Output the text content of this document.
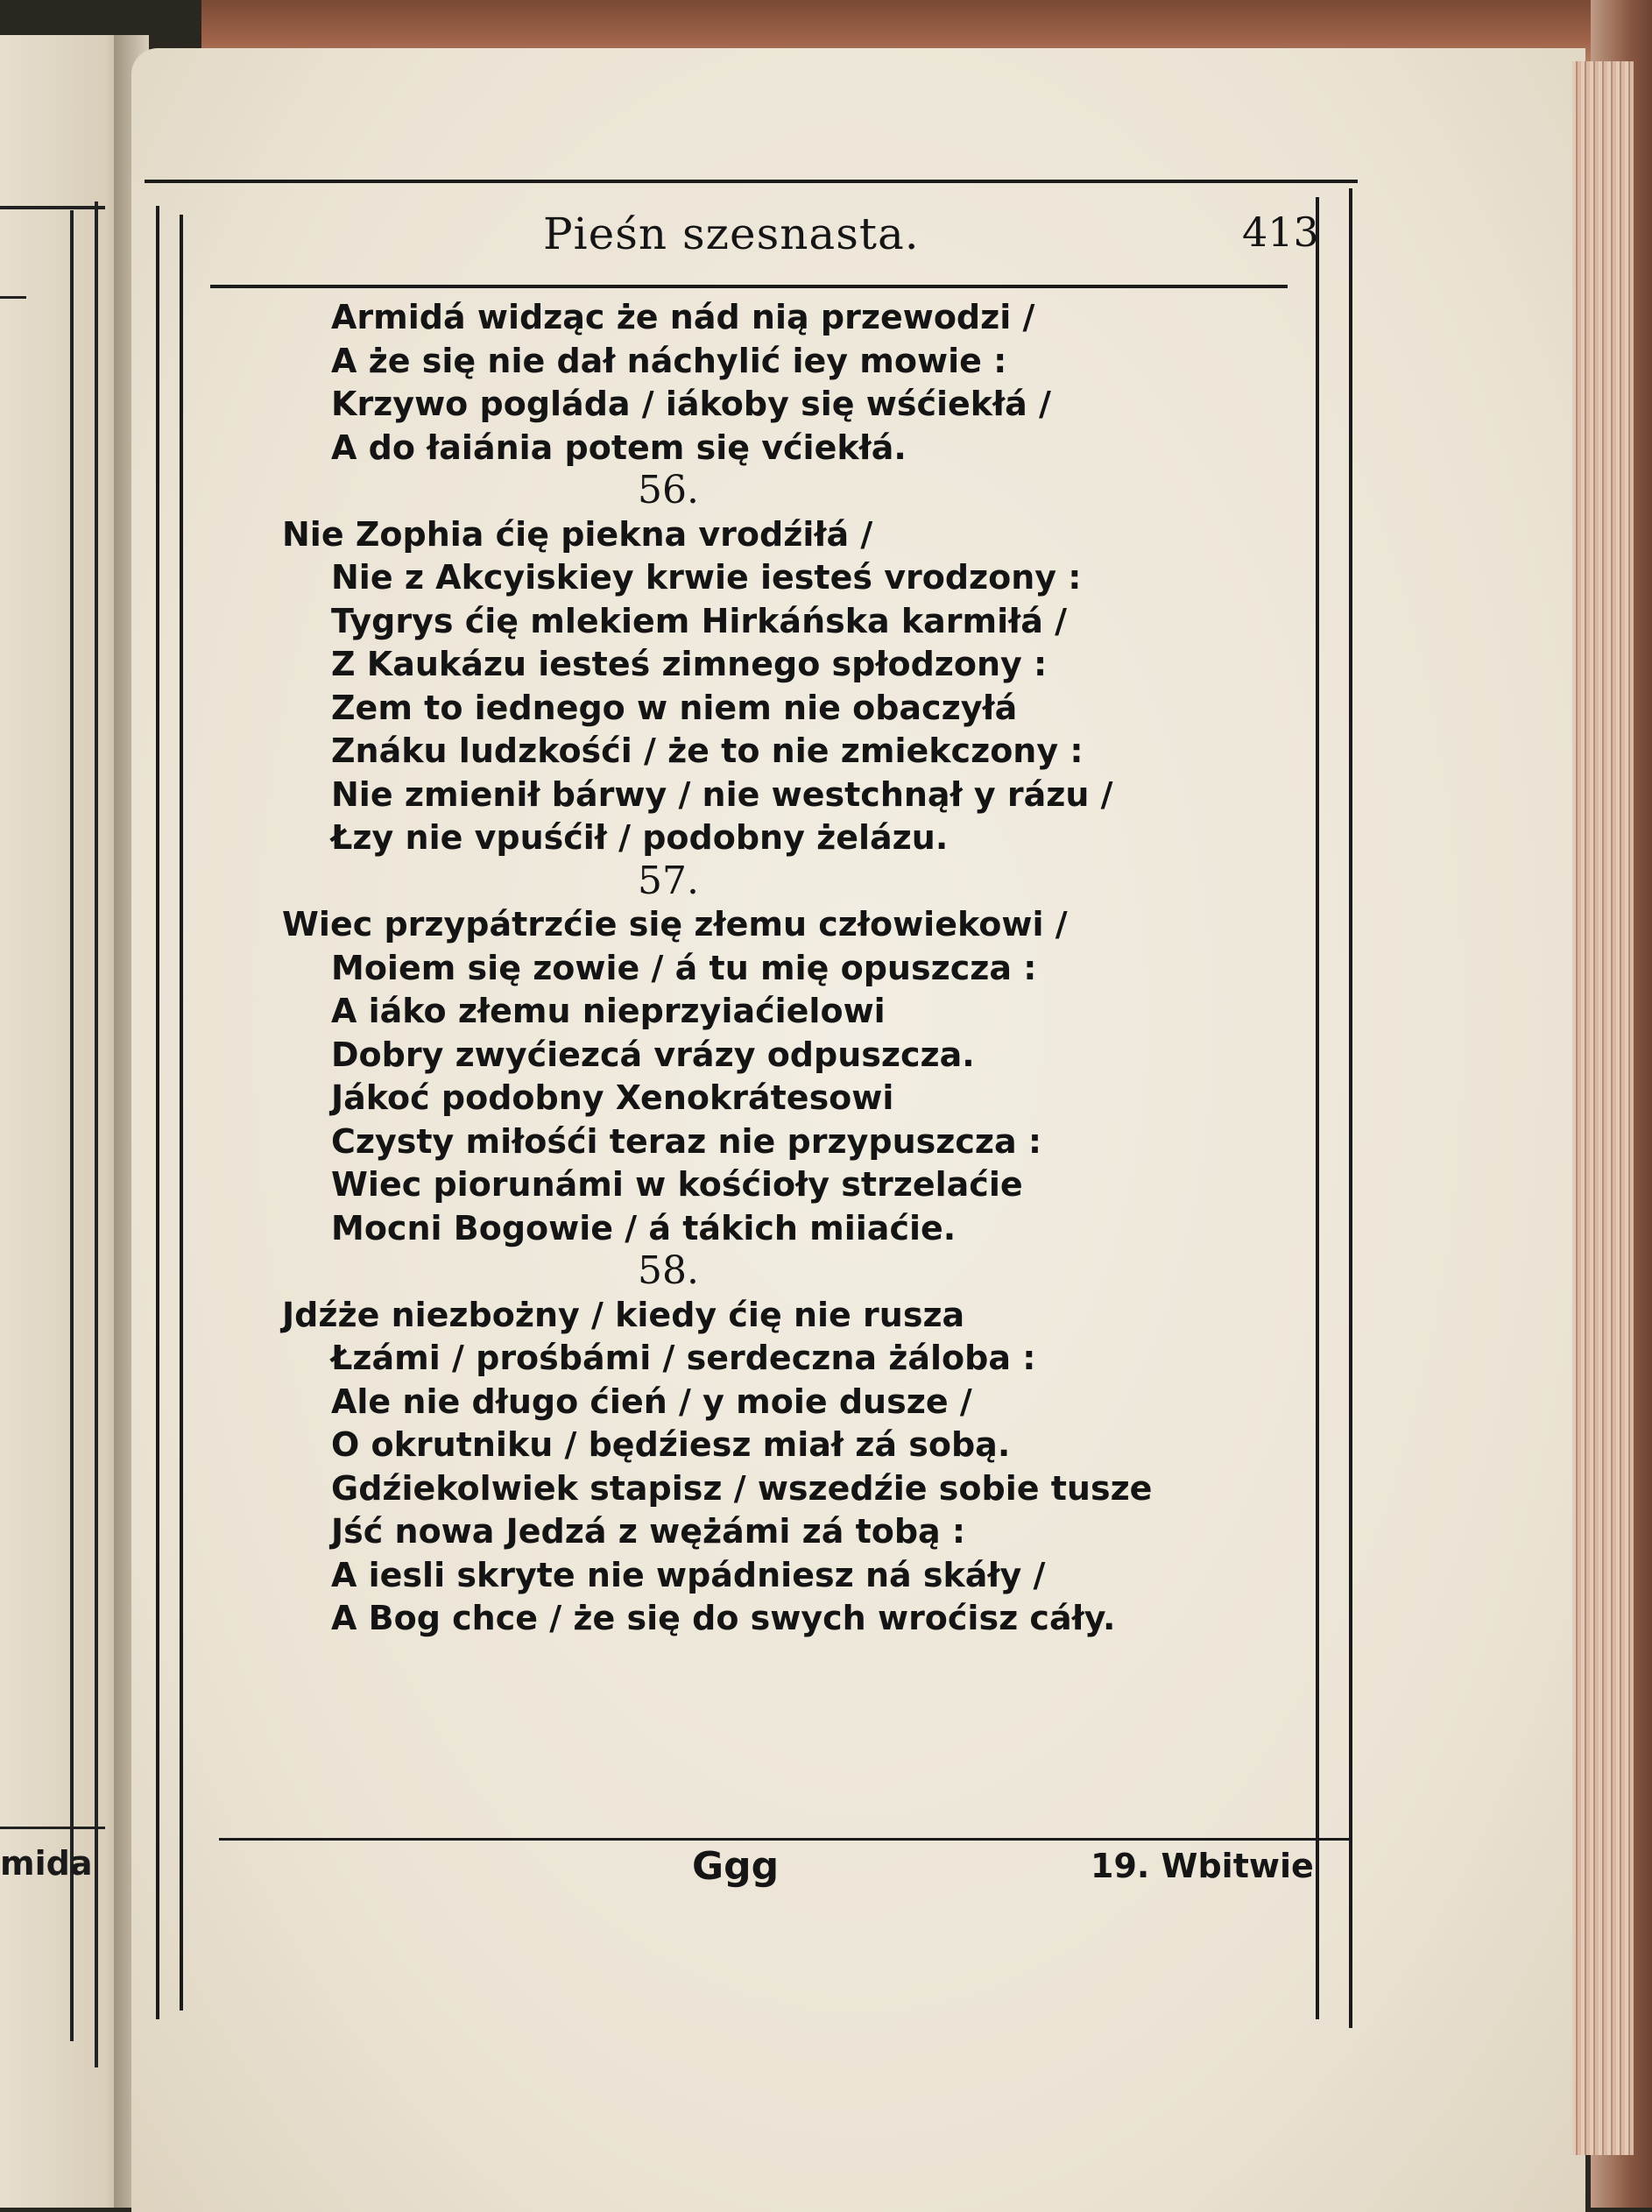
mida
Pieśn szesnasta.	413
Armidá widząc że nád nią przewodzi /
A że się nie dał náchylić iey mowie :
Krzywo pogláda / iákoby się wśćiekłá /
A do łaiánia potem się vćiekłá.
56.
Nie Zophia ćię piekna vrodźiłá /
Nie z Akcyiskiey krwie iesteś vrodzony :
Tygrys ćię mlekiem Hirkáńska karmiłá /
Z Kaukázu iesteś zimnego spłodzony :
Zem to iednego w niem nie obaczyłá
Znáku ludzkośći / że to nie zmiekczony :
Nie zmienił bárwy / nie westchnął y rázu /
Łzy nie vpuśćił / podobny żelázu.
57.
Wiec przypátrzćie się złemu człowiekowi /
Moiem się zowie / á tu mię opuszcza :
A iáko złemu nieprzyiaćielowi
Dobry zwyćiezcá vrázy odpuszcza.
Jákoć podobny Xenokrátesowi
Czysty miłośći teraz nie przypuszcza :
Wiec piorunámi w kośćioły strzelaćie
Mocni Bogowie / á tákich miiaćie.
58.
Jdźże niezbożny / kiedy ćię nie rusza
Łzámi / prośbámi / serdeczna żáloba :
Ale nie długo ćień / y moie dusze /
O okrutniku / będźiesz miał zá sobą.
Gdźiekolwiek stapisz / wszedźie sobie tusze
Jść nowa Jedzá z wężámi zá tobą :
A iesli skryte nie wpádniesz ná skáły /
A Bog chce / że się do swych wroćisz cáły.
Ggg	19. Wbitwie
